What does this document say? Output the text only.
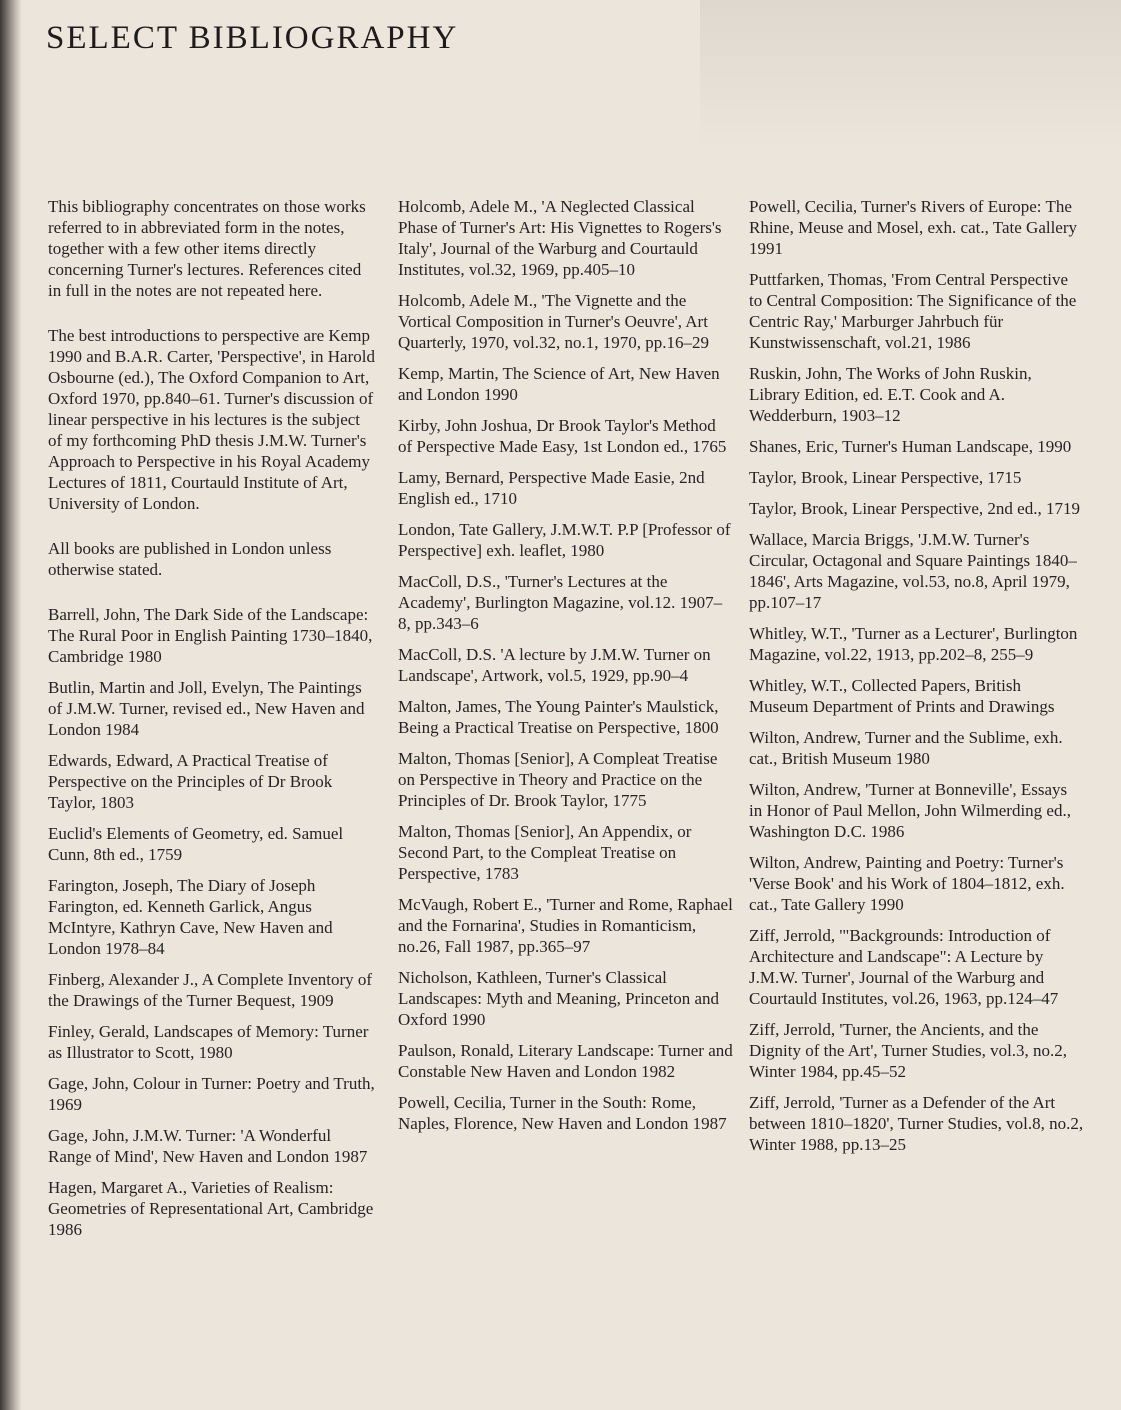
SELECT BIBLIOGRAPHY

This bibliography concentrates on those works referred to in abbreviated form in the notes, together with a few other items directly concerning Turner's lectures. References cited in full in the notes are not repeated here.

The best introductions to perspective are Kemp 1990 and B.A.R. Carter, 'Perspective', in Harold Osbourne (ed.), The Oxford Companion to Art, Oxford 1970, pp.840–61. Turner's discussion of linear perspective in his lectures is the subject of my forthcoming PhD thesis J.M.W. Turner's Approach to Perspective in his Royal Academy Lectures of 1811, Courtauld Institute of Art, University of London.

All books are published in London unless otherwise stated.

Barrell, John, The Dark Side of the Landscape: The Rural Poor in English Painting 1730–1840, Cambridge 1980

Butlin, Martin and Joll, Evelyn, The Paintings of J.M.W. Turner, revised ed., New Haven and London 1984

Edwards, Edward, A Practical Treatise of Perspective on the Principles of Dr Brook Taylor, 1803

Euclid's Elements of Geometry, ed. Samuel Cunn, 8th ed., 1759

Farington, Joseph, The Diary of Joseph Farington, ed. Kenneth Garlick, Angus McIntyre, Kathryn Cave, New Haven and London 1978–84

Finberg, Alexander J., A Complete Inventory of the Drawings of the Turner Bequest, 1909

Finley, Gerald, Landscapes of Memory: Turner as Illustrator to Scott, 1980

Gage, John, Colour in Turner: Poetry and Truth, 1969

Gage, John, J.M.W. Turner: 'A Wonderful Range of Mind', New Haven and London 1987

Hagen, Margaret A., Varieties of Realism: Geometries of Representational Art, Cambridge 1986

Holcomb, Adele M., 'A Neglected Classical Phase of Turner's Art: His Vignettes to Rogers's Italy', Journal of the Warburg and Courtauld Institutes, vol.32, 1969, pp.405–10

Holcomb, Adele M., 'The Vignette and the Vortical Composition in Turner's Oeuvre', Art Quarterly, 1970, vol.32, no.1, 1970, pp.16–29

Kemp, Martin, The Science of Art, New Haven and London 1990

Kirby, John Joshua, Dr Brook Taylor's Method of Perspective Made Easy, 1st London ed., 1765

Lamy, Bernard, Perspective Made Easie, 2nd English ed., 1710

London, Tate Gallery, J.M.W.T. P.P [Professor of Perspective] exh. leaflet, 1980

MacColl, D.S., 'Turner's Lectures at the Academy', Burlington Magazine, vol.12. 1907–8, pp.343–6

MacColl, D.S. 'A lecture by J.M.W. Turner on Landscape', Artwork, vol.5, 1929, pp.90–4

Malton, James, The Young Painter's Maulstick, Being a Practical Treatise on Perspective, 1800

Malton, Thomas [Senior], A Compleat Treatise on Perspective in Theory and Practice on the Principles of Dr. Brook Taylor, 1775

Malton, Thomas [Senior], An Appendix, or Second Part, to the Compleat Treatise on Perspective, 1783

McVaugh, Robert E., 'Turner and Rome, Raphael and the Fornarina', Studies in Romanticism, no.26, Fall 1987, pp.365–97

Nicholson, Kathleen, Turner's Classical Landscapes: Myth and Meaning, Princeton and Oxford 1990

Paulson, Ronald, Literary Landscape: Turner and Constable New Haven and London 1982

Powell, Cecilia, Turner in the South: Rome, Naples, Florence, New Haven and London 1987

Powell, Cecilia, Turner's Rivers of Europe: The Rhine, Meuse and Mosel, exh. cat., Tate Gallery 1991

Puttfarken, Thomas, 'From Central Perspective to Central Composition: The Significance of the Centric Ray,' Marburger Jahrbuch für Kunstwissenschaft, vol.21, 1986

Ruskin, John, The Works of John Ruskin, Library Edition, ed. E.T. Cook and A. Wedderburn, 1903–12

Shanes, Eric, Turner's Human Landscape, 1990

Taylor, Brook, Linear Perspective, 1715

Taylor, Brook, Linear Perspective, 2nd ed., 1719

Wallace, Marcia Briggs, 'J.M.W. Turner's Circular, Octagonal and Square Paintings 1840–1846', Arts Magazine, vol.53, no.8, April 1979, pp.107–17

Whitley, W.T., 'Turner as a Lecturer', Burlington Magazine, vol.22, 1913, pp.202–8, 255–9

Whitley, W.T., Collected Papers, British Museum Department of Prints and Drawings

Wilton, Andrew, Turner and the Sublime, exh. cat., British Museum 1980

Wilton, Andrew, 'Turner at Bonneville', Essays in Honor of Paul Mellon, John Wilmerding ed., Washington D.C. 1986

Wilton, Andrew, Painting and Poetry: Turner's 'Verse Book' and his Work of 1804–1812, exh. cat., Tate Gallery 1990

Ziff, Jerrold, '"Backgrounds: Introduction of Architecture and Landscape": A Lecture by J.M.W. Turner', Journal of the Warburg and Courtauld Institutes, vol.26, 1963, pp.124–47

Ziff, Jerrold, 'Turner, the Ancients, and the Dignity of the Art', Turner Studies, vol.3, no.2, Winter 1984, pp.45–52

Ziff, Jerrold, 'Turner as a Defender of the Art between 1810–1820', Turner Studies, vol.8, no.2, Winter 1988, pp.13–25
